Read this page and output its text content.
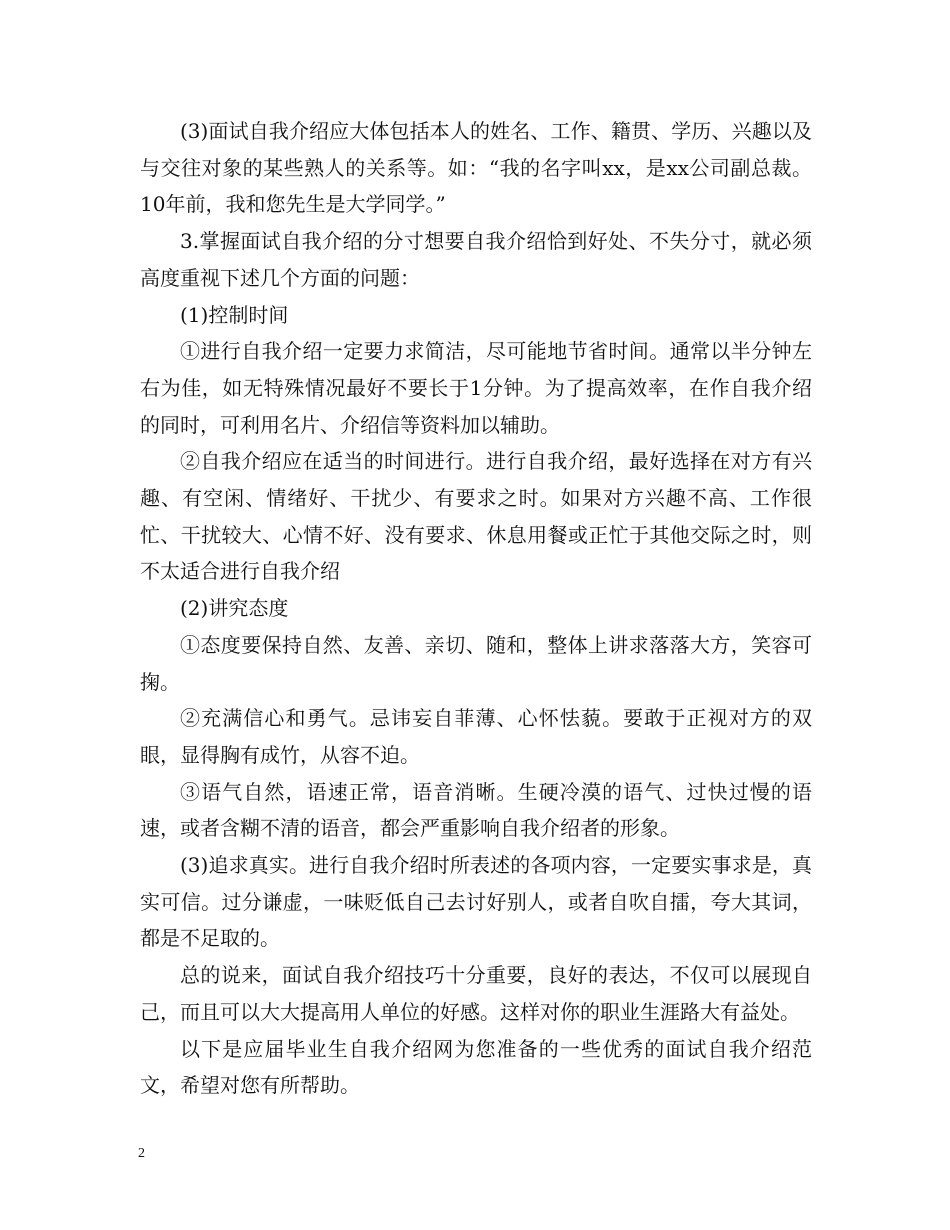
(3)面试自我介绍应大体包括本人的姓名、工作、籍贯、学历、兴趣以及与交往对象的某些熟人的关系等。如：“我的名字叫xx，是xx公司副总裁。10年前，我和您先生是大学同学。”

3.掌握面试自我介绍的分寸想要自我介绍恰到好处、不失分寸，就必须高度重视下述几个方面的问题：

(1)控制时间

①进行自我介绍一定要力求简洁，尽可能地节省时间。通常以半分钟左右为佳，如无特殊情况最好不要长于1分钟。为了提高效率，在作自我介绍的同时，可利用名片、介绍信等资料加以辅助。

②自我介绍应在适当的时间进行。进行自我介绍，最好选择在对方有兴趣、有空闲、情绪好、干扰少、有要求之时。如果对方兴趣不高、工作很忙、干扰较大、心情不好、没有要求、休息用餐或正忙于其他交际之时，则不太适合进行自我介绍

(2)讲究态度

①态度要保持自然、友善、亲切、随和，整体上讲求落落大方，笑容可掬。

②充满信心和勇气。忌讳妄自菲薄、心怀怯藐。要敢于正视对方的双眼，显得胸有成竹，从容不迫。

③语气自然，语速正常，语音消晰。生硬冷漠的语气、过快过慢的语速，或者含糊不清的语音，都会严重影响自我介绍者的形象。

(3)追求真实。进行自我介绍时所表述的各项内容，一定要实事求是，真实可信。过分谦虚，一味贬低自己去讨好别人，或者自吹自擂，夸大其词，都是不足取的。

总的说来，面试自我介绍技巧十分重要，良好的表达，不仅可以展现自己，而且可以大大提高用人单位的好感。这样对你的职业生涯路大有益处。

以下是应届毕业生自我介绍网为您准备的一些优秀的面试自我介绍范文，希望对您有所帮助。

2
